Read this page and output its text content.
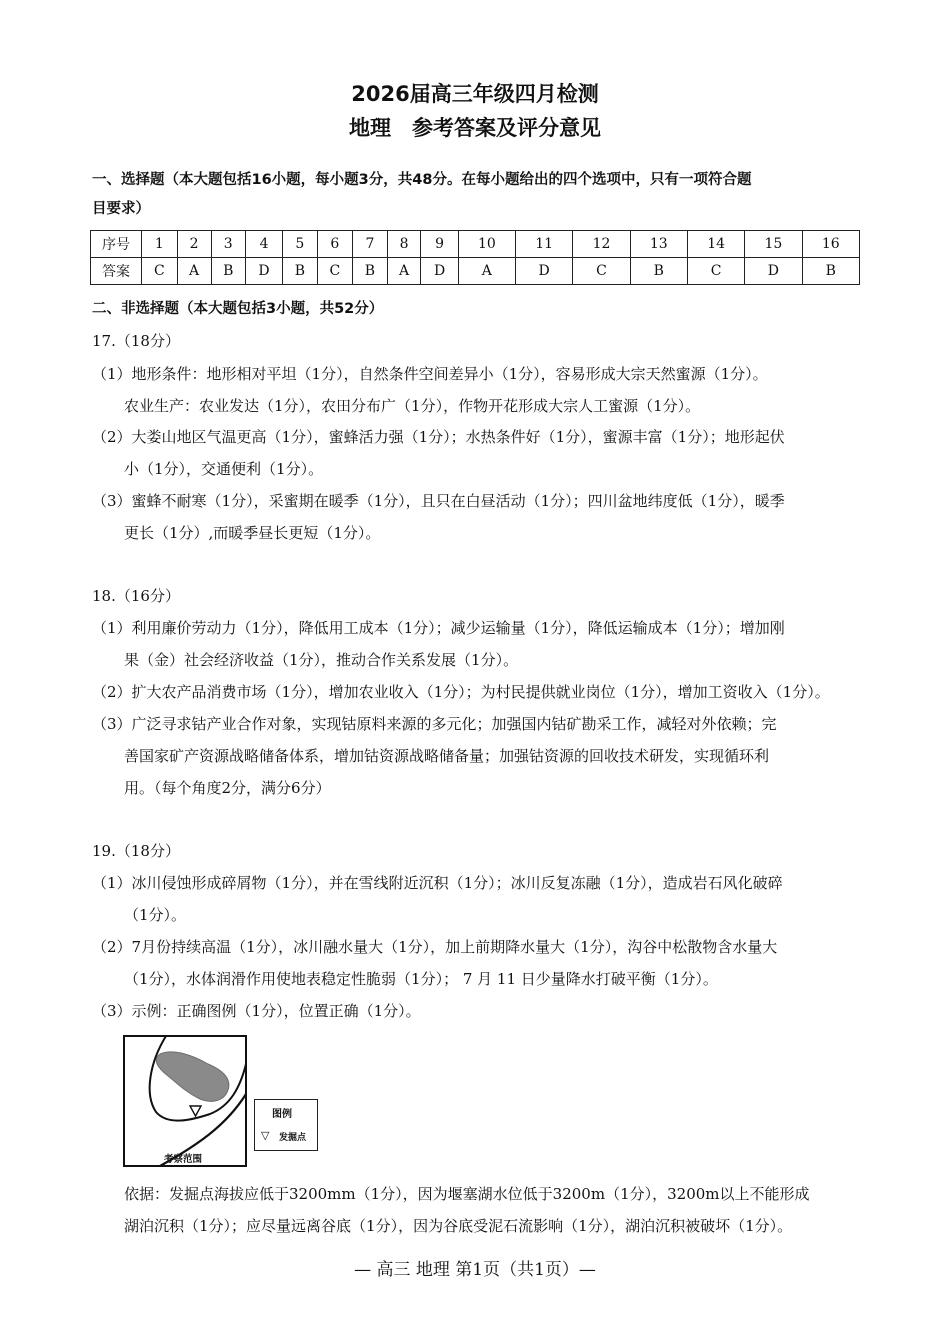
2026届高三年级四月检测
地理　参考答案及评分意见
一、选择题（本大题包括16小题，每小题3分，共48分。在每小题给出的四个选项中，只有一项符合题
目要求）
序号	1	2	3	4	5	6	7	8	9	10	11	12	13	14	15	16
答案	C	A	B	D	B	C	B	A	D	A	D	C	B	C	D	B
二、非选择题（本大题包括3小题，共52分）
17.（18分）
（1）地形条件：地形相对平坦（1分），自然条件空间差异小（1分），容易形成大宗天然蜜源（1分）。
农业生产：农业发达（1分），农田分布广（1分），作物开花形成大宗人工蜜源（1分）。
（2）大娄山地区气温更高（1分），蜜蜂活力强（1分）；水热条件好（1分），蜜源丰富（1分）；地形起伏
小（1分），交通便利（1分）。
（3）蜜蜂不耐寒（1分），采蜜期在暖季（1分），且只在白昼活动（1分）；四川盆地纬度低（1分），暖季
更长（1分）,而暖季昼长更短（1分）。
18.（16分）
（1）利用廉价劳动力（1分），降低用工成本（1分）；减少运输量（1分），降低运输成本（1分）；增加刚
果（金）社会经济收益（1分），推动合作关系发展（1分）。
（2）扩大农产品消费市场（1分），增加农业收入（1分）；为村民提供就业岗位（1分），增加工资收入（1分）。
（3）广泛寻求钴产业合作对象，实现钴原料来源的多元化；加强国内钴矿勘采工作，减轻对外依赖；完
善国家矿产资源战略储备体系，增加钴资源战略储备量；加强钴资源的回收技术研发，实现循环利
用。（每个角度2分，满分6分）
19.（18分）
（1）冰川侵蚀形成碎屑物（1分），并在雪线附近沉积（1分）；冰川反复冻融（1分），造成岩石风化破碎
（1分）。
（2）7月份持续高温（1分），冰川融水量大（1分），加上前期降水量大（1分），沟谷中松散物含水量大
（1分），水体润滑作用使地表稳定性脆弱（1分）； 7 月 11 日少量降水打破平衡（1分）。
（3）示例：正确图例（1分），位置正确（1分）。
图例
▽ 发掘点
考察范围
依据：发掘点海拔应低于3200mm（1分），因为堰塞湖水位低于3200m（1分），3200m以上不能形成
湖泊沉积（1分）；应尽量远离谷底（1分），因为谷底受泥石流影响（1分），湖泊沉积被破坏（1分）。
— 高三 地理 第1页（共1页）—
